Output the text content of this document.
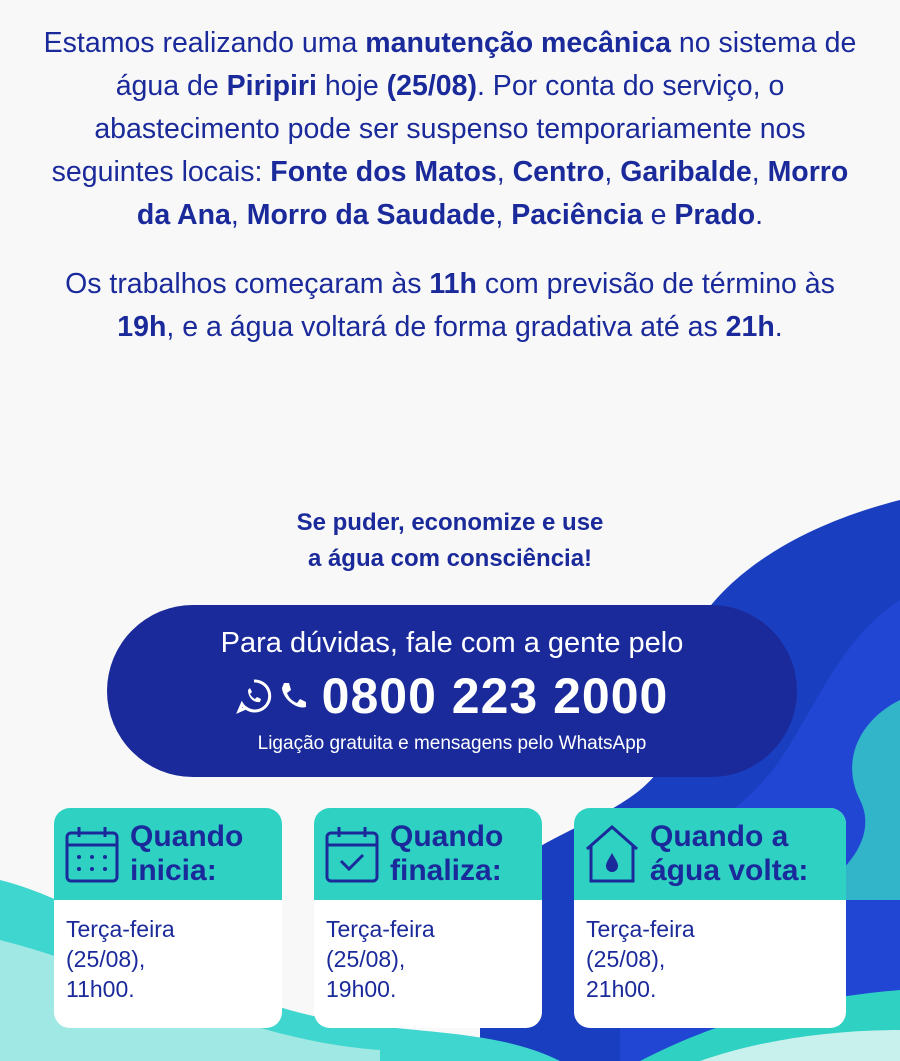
Estamos realizando uma manutenção mecânica no sistema de água de Piripiri hoje (25/08). Por conta do serviço, o abastecimento pode ser suspenso temporariamente nos seguintes locais: Fonte dos Matos, Centro, Garibalde, Morro da Ana, Morro da Saudade, Paciência e Prado.

Os trabalhos começaram às 11h com previsão de término às 19h, e a água voltará de forma gradativa até as 21h.

Se puder, economize e use
a água com consciência!
Para dúvidas, fale com a gente pelo
0800 223 2000
Ligação gratuita e mensagens pelo WhatsApp
Quando
inicia:
Terça-feira
(25/08),
11h00.
Quando
finaliza:
Terça-feira
(25/08),
19h00.
Quando a
água volta:
Terça-feira
(25/08),
21h00.
